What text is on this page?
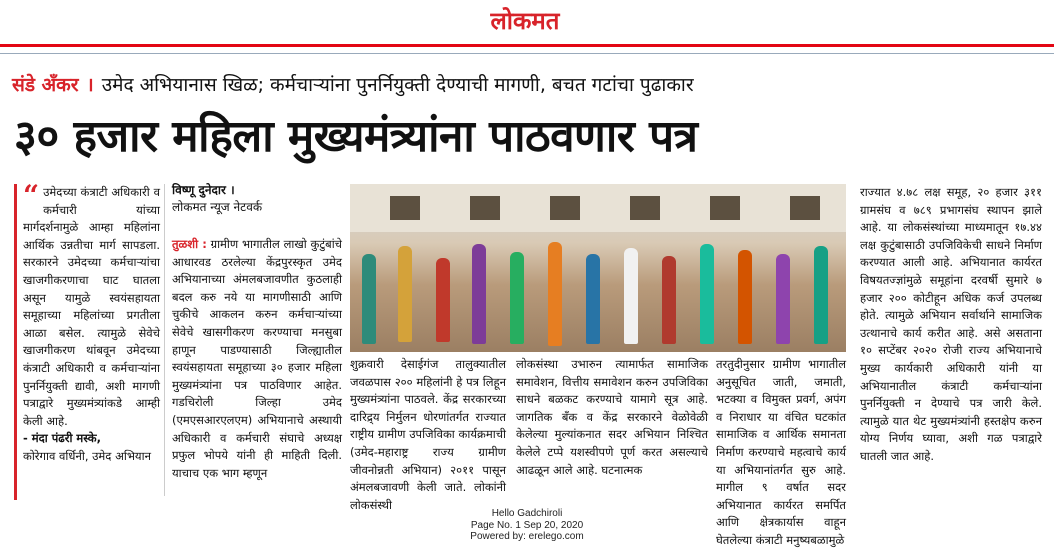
लोकमत
संडे अँकर । उमेद अभियानास खिळ; कर्मचाऱ्यांना पुनर्नियुक्ती देण्याची मागणी, बचत गटांचा पुढाकार
३० हजार महिला मुख्यमंत्र्यांना पाठवणार पत्र
“ उमेदच्या कंत्राटी अधिकारी व कर्मचारी यांच्या मार्गदर्शनामुळे आम्हा महिलांना आर्थिक उन्नतीचा मार्ग सापडला. सरकारने उमेदच्या कर्मचाऱ्यांचा खाजगीकरणाचा घाट घातला असून यामुळे स्वयंसहायता समूहाच्या महिलांच्या प्रगतीला आळा बसेल. त्यामुळे सेवेचे खाजगीकरण थांबवून उमेदच्या कंत्राटी अधिकारी व कर्मचाऱ्यांना पुनर्नियुक्ती द्यावी, अशी मागणी पत्राद्वारे मुख्यमंत्र्यांकडे आम्ही केली आहे.

- मंदा पंढरी मस्के,

कोरेगाव वर्धिनी, उमेद अभियान

विष्णू दुनेदार ।
लोकमत न्यूज नेटवर्क

तुळशी : ग्रामीण भागातील लाखो कुटुंबांचे आधारवड ठरलेल्या केंद्रपुरस्कृत उमेद अभियानाच्या अंमलबजावणीत कुठलाही बदल करु नये या मागणीसाठी आणि चुकीचे आकलन करुन कर्मचाऱ्यांच्या सेवेचे खासगीकरण करण्याचा मनसुबा हाणून पाडण्यासाठी जिल्ह्यातील स्वयंसहायता समूहाच्या ३० हजार महिला मुख्यमंत्र्यांना पत्र पाठविणार आहेत. गडचिरोली जिल्हा उमेद (एमएसआरएलएम) अभियानाचे अस्थायी अधिकारी व कर्मचारी संघाचे अध्यक्ष प्रफुल भोपये यांनी ही माहिती दिली. याचाच एक भाग म्हणून

शुक्रवारी देसाईगंज तालुक्यातील जवळपास २०० महिलांनी हे पत्र लिहून मुख्यमंत्र्यांना पाठवले. केंद्र सरकारच्या दारिद्र्य निर्मुलन धोरणांतर्गत राज्यात राष्ट्रीय ग्रामीण उपजिविका कार्यक्रमाची (उमेद-महाराष्ट्र राज्य ग्रामीण जीवनोन्नती अभियान) २०११ पासून अंमलबजावणी केली जाते. लोकांनी लोकसंस्थी

लोकसंस्था उभारुन त्यामार्फत सामाजिक समावेशन, वित्तीय समावेशन करुन उपजिविका साधने बळकट करण्याचे यामागे सूत्र आहे. जागतिक बँक व केंद्र सरकारने वेळोवेळी केलेल्या मुल्यांकनात सदर अभियान निश्चित केलेले टप्पे यशस्वीपणे पूर्ण करत असल्याचे आढळून आले आहे. घटनात्मक

तरतुदीनुसार ग्रामीण भागातील अनुसूचित जाती, जमाती, भटक्या व विमुक्त प्रवर्ग, अपंग व निराधार या वंचित घटकांत सामाजिक व आर्थिक समानता निर्माण करण्याचे महत्वाचे कार्य या अभियानांतर्गत सुरु आहे. मागील ९ वर्षात सदर अभियानात कार्यरत समर्पित आणि क्षेत्रकार्यास वाहून घेतलेल्या कंत्राटी मनुष्यबळामुळे

राज्यात ४.७८ लक्ष समूह, २० हजार ३११ ग्रामसंघ व ७८९ प्रभागसंघ स्थापन झाले आहे. या लोकसंस्थांच्या माध्यमातून १७.४४ लक्ष कुटुंबासाठी उपजिविकेची साधने निर्माण करण्यात आली आहे. अभियानात कार्यरत विषयतज्ज्ञांमुळे समूहांना दरवर्षी सुमारे ७ हजार २०० कोटीहून अधिक कर्ज उपलब्ध होते. त्यामुळे अभियान सर्वार्थाने सामाजिक उत्थानाचे कार्य करीत आहे. असे असताना १० सप्टेंबर २०२० रोजी राज्य अभियानाचे मुख्य कार्यकारी अधिकारी यांनी या अभियानातील कंत्राटी कर्मचाऱ्यांना पुनर्नियुक्ती न देण्याचे पत्र जारी केले. त्यामुळे यात थेट मुख्यमंत्र्यांनी हस्तक्षेप करुन योग्य निर्णय घ्यावा, अशी गळ पत्राद्वारे घातली जात आहे.

Hello Gadchiroli
Page No. 1 Sep 20, 2020
Powered by: erelego.com
